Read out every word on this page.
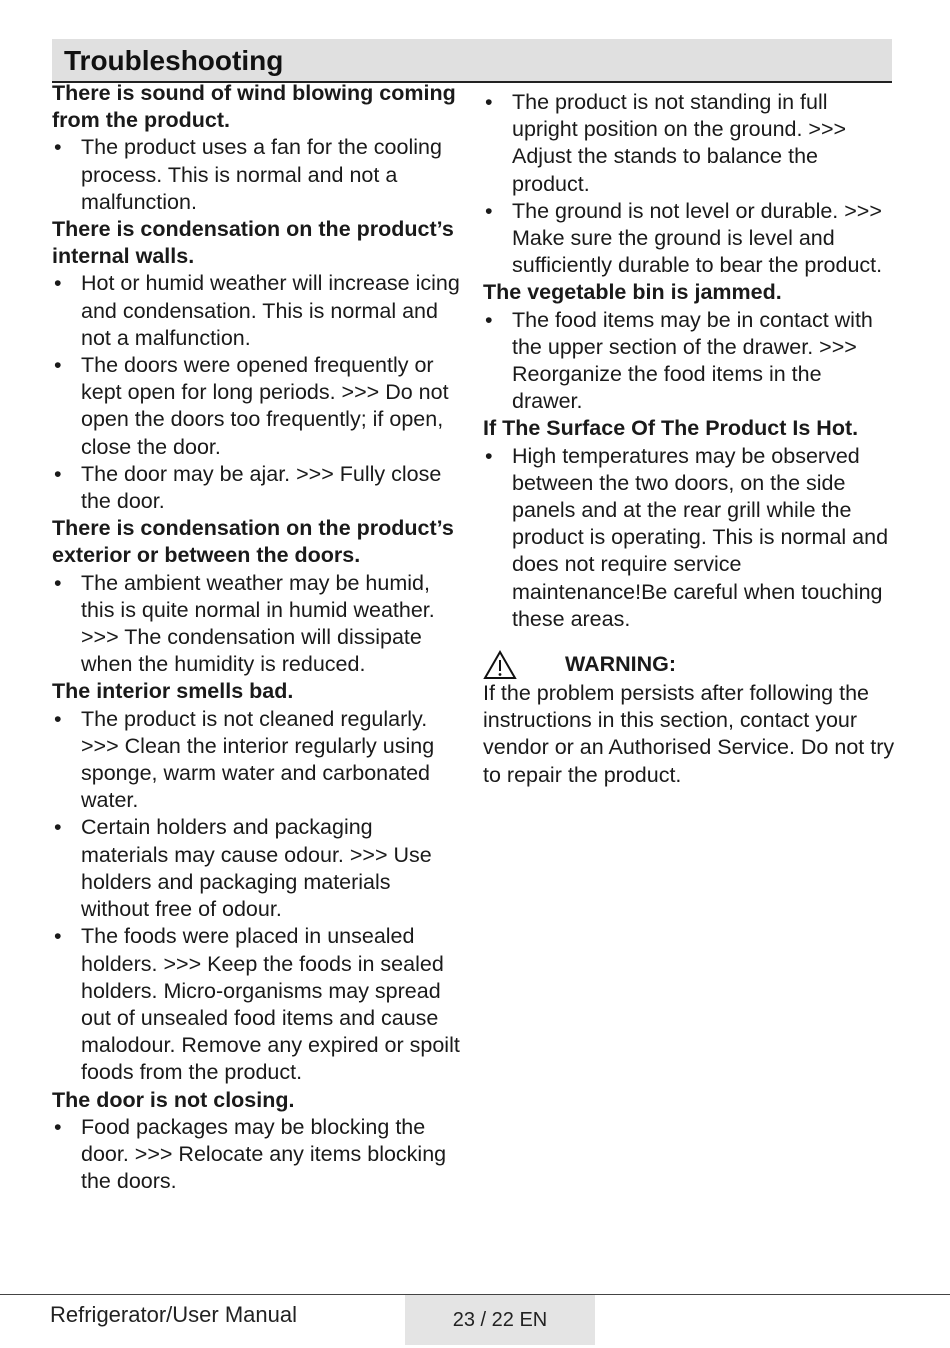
Troubleshooting

There is sound of wind blowing coming from the product.

• The product uses a fan for the cooling process. This is normal and not a malfunction.

There is condensation on the product’s internal walls.

• Hot or humid weather will increase icing and condensation. This is normal and not a malfunction.
• The doors were opened frequently or kept open for long periods. >>> Do not open the doors too frequently; if open, close the door.
• The door may be ajar. >>> Fully close the door.

There is condensation on the product’s exterior or between the doors.

• The ambient weather may be humid, this is quite normal in humid weather. >>> The condensation will dissipate when the humidity is reduced.

The interior smells bad.

• The product is not cleaned regularly. >>> Clean the interior regularly using sponge, warm water and carbonated water.
• Certain holders and packaging materials may cause odour. >>> Use holders and packaging materials without free of odour.
• The foods were placed in unsealed holders. >>> Keep the foods in sealed holders. Micro-organisms may spread out of unsealed food items and cause malodour. Remove any expired or spoilt foods from the product.

The door is not closing.

• Food packages may be blocking the door. >>> Relocate any items blocking the doors.
• The product is not standing in full upright position on the ground. >>> Adjust the stands to balance the product.
• The ground is not level or durable. >>> Make sure the ground is level and sufficiently durable to bear the product.

The vegetable bin is jammed.

• The food items may be in contact with the upper section of the drawer. >>> Reorganize the food items in the drawer.

If The Surface Of The Product Is Hot.

• High temperatures may be observed between the two doors, on the side panels and at the rear grill while the product is operating. This is normal and does not require service maintenance!Be careful when touching these areas.
WARNING:

If the problem persists after following the instructions in this section, contact your vendor or an Authorised Service. Do not try to repair the product.

Refrigerator/User Manual	23 / 22 EN
